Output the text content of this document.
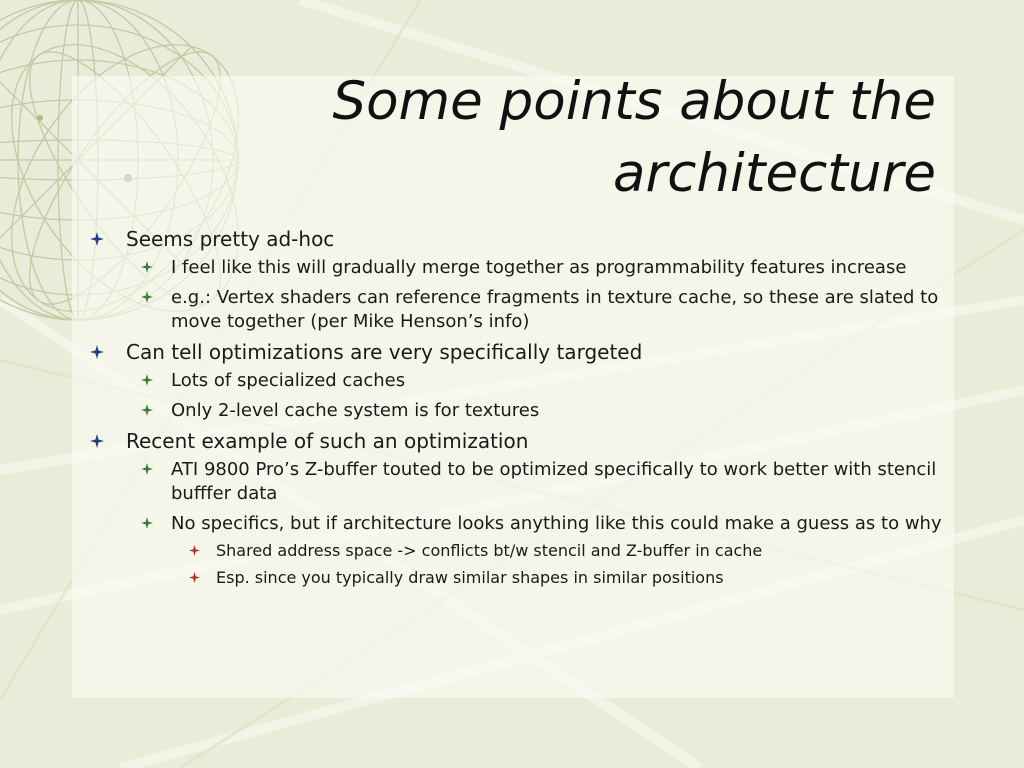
Some points about the
architecture
Seems pretty ad-hoc
I feel like this will gradually merge together as programmability features increase
e.g.: Vertex shaders can reference fragments in texture cache, so these are slated to move together (per Mike Henson’s info)
Can tell optimizations are very specifically targeted
Lots of specialized caches
Only 2-level cache system is for textures
Recent example of such an optimization
ATI 9800 Pro’s Z-buffer touted to be optimized specifically to work better with stencil bufffer data
No specifics, but if architecture looks anything like this could make a guess as to why
Shared address space -> conflicts bt/w stencil and Z-buffer in cache
Esp. since you typically draw similar shapes in similar positions
